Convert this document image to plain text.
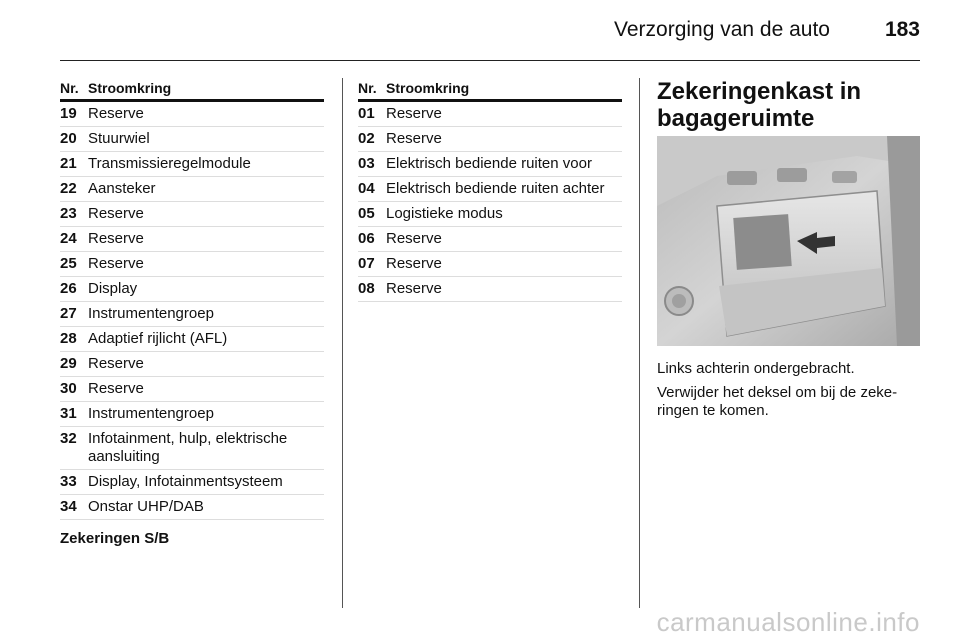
Verzorging van de auto	183
Nr. Stroomkring
19 Reserve
20 Stuurwiel
21 Transmissieregelmodule
22 Aansteker
23 Reserve
24 Reserve
25 Reserve
26 Display
27 Instrumentengroep
28 Adaptief rijlicht (AFL)
29 Reserve
30 Reserve
31 Instrumentengroep
32 Infotainment, hulp, elektrische aansluiting
33 Display, Infotainmentsysteem
34 Onstar UHP/DAB
Zekeringen S/B
Nr. Stroomkring
01 Reserve
02 Reserve
03 Elektrisch bediende ruiten voor
04 Elektrisch bediende ruiten achter
05 Logistieke modus
06 Reserve
07 Reserve
08 Reserve
Zekeringenkast in
bagageruimte
Links achterin ondergebracht.
Verwijder het deksel om bij de zeke-
ringen te komen.
carmanualsonline.info
